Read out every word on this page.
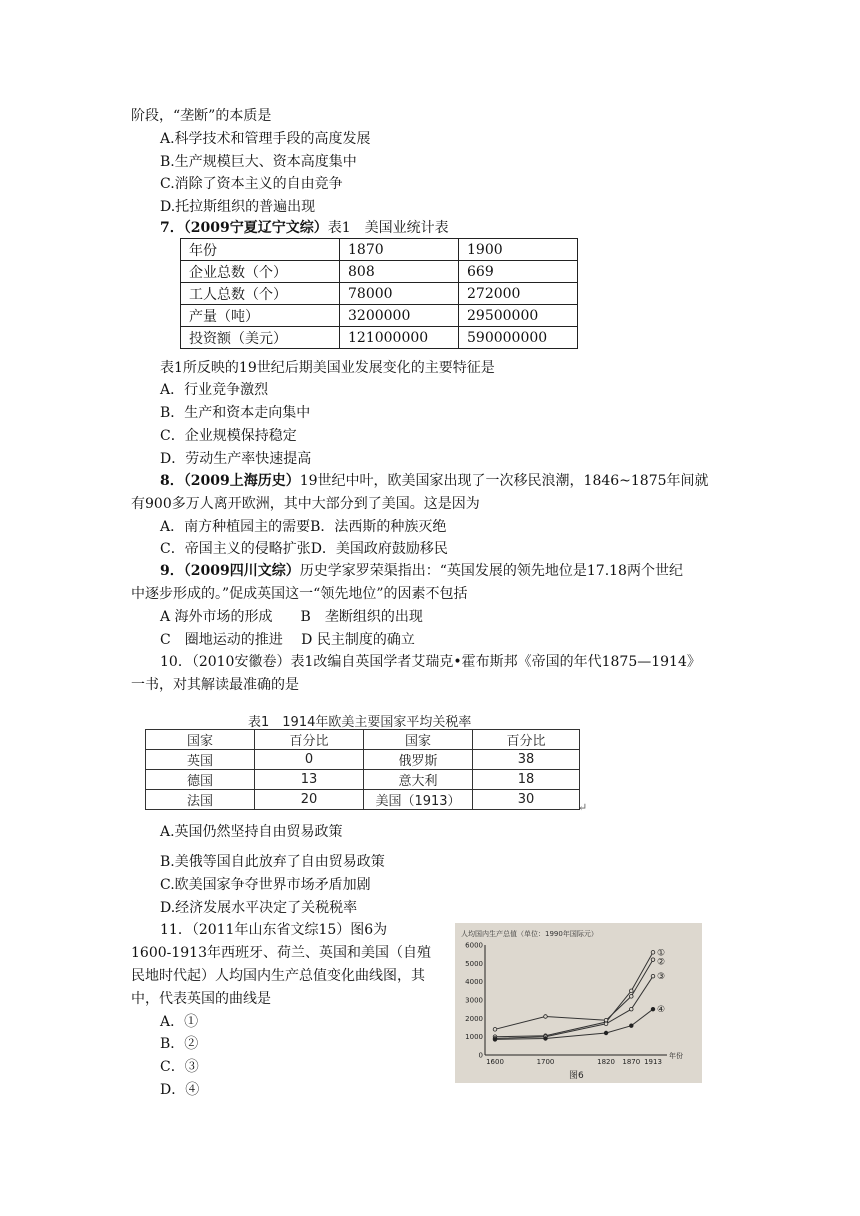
阶段，“垄断”的本质是
A.科学技术和管理手段的高度发展
B.生产规模巨大、资本高度集中
C.消除了资本主义的自由竞争
D.托拉斯组织的普遍出现
7．（2009宁夏辽宁文综）表1　美国业统计表
年份	1870	1900
企业总数（个）	808	669
工人总数（个）	78000	272000
产量（吨）	3200000	29500000
投资额（美元）	121000000	590000000
表1所反映的19世纪后期美国业发展变化的主要特征是
A．行业竞争激烈
B．生产和资本走向集中
C．企业规模保持稳定
D．劳动生产率快速提高
8．（2009上海历史）19世纪中叶，欧美国家出现了一次移民浪潮，1846~1875年间就
有900多万人离开欧洲，其中大部分到了美国。这是因为
A．南方种植园主的需要B．法西斯的种族灭绝
C．帝国主义的侵略扩张D．美国政府鼓励移民
9．（2009四川文综）历史学家罗荣渠指出：“英国发展的领先地位是17.18两个世纪
中逐步形成的。”促成英国这一“领先地位”的因素不包括
A 海外市场的形成　　B　垄断组织的出现
C　圈地运动的推进　 D 民主制度的确立
10．（2010安徽卷）表1改编自英国学者艾瑞克•霍布斯邦《帝国的年代1875—1914》
一书，对其解读最准确的是
表1　1914年欧美主要国家平均关税率
国家	百分比	国家	百分比
英国	0	俄罗斯	38
德国	13	意大利	18
法国	20	美国（1913）	30
↵
A.英国仍然坚持自由贸易政策
B.美俄等国自此放弃了自由贸易政策
C.欧美国家争夺世界市场矛盾加剧
D.经济发展水平决定了关税税率
11．（2011年山东省文综15）图6为
1600-1913年西班牙、荷兰、英国和美国（自殖
民地时代起）人均国内生产总值变化曲线图，其
中，代表英国的曲线是
A．①
B．②
C．③
D．④
人均国内生产总值（单位：1990年国际元）
年份
图6
6000
5000
4000
3000
2000
1000
0
1600	1700	1820 1870 1913
①
②
③
④
